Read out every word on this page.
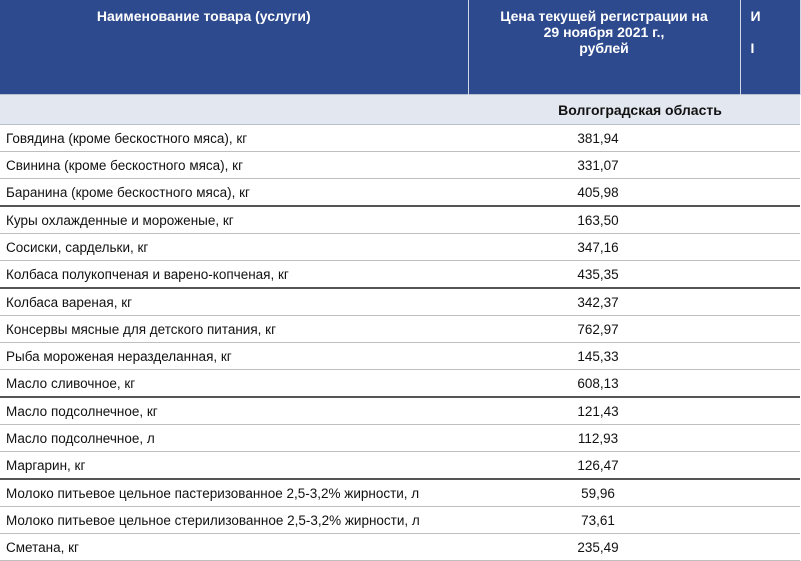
Наименование товара (услуги)	Цена текущей регистрации на
29 ноября 2021 г.,
рублей	И

I

Волгоградская область		
Говядина (кроме бескостного мяса), кг	381,94	
Свинина (кроме бескостного мяса), кг	331,07	
Баранина (кроме бескостного мяса), кг	405,98	
Куры охлажденные и мороженые, кг	163,50	
Сосиски, сардельки, кг	347,16	
Колбаса полукопченая и варено-копченая, кг	435,35	
Колбаса вареная, кг	342,37	
Консервы мясные для детского питания, кг	762,97	
Рыба мороженая неразделанная, кг	145,33	
Масло сливочное, кг	608,13	
Масло подсолнечное, кг	121,43	
Масло подсолнечное, л	112,93	
Маргарин, кг	126,47	
Молоко питьевое цельное пастеризованное 2,5-3,2% жирности, л	59,96	
Молоко питьевое цельное стерилизованное 2,5-3,2% жирности, л	73,61	
Сметана, кг	235,49	
